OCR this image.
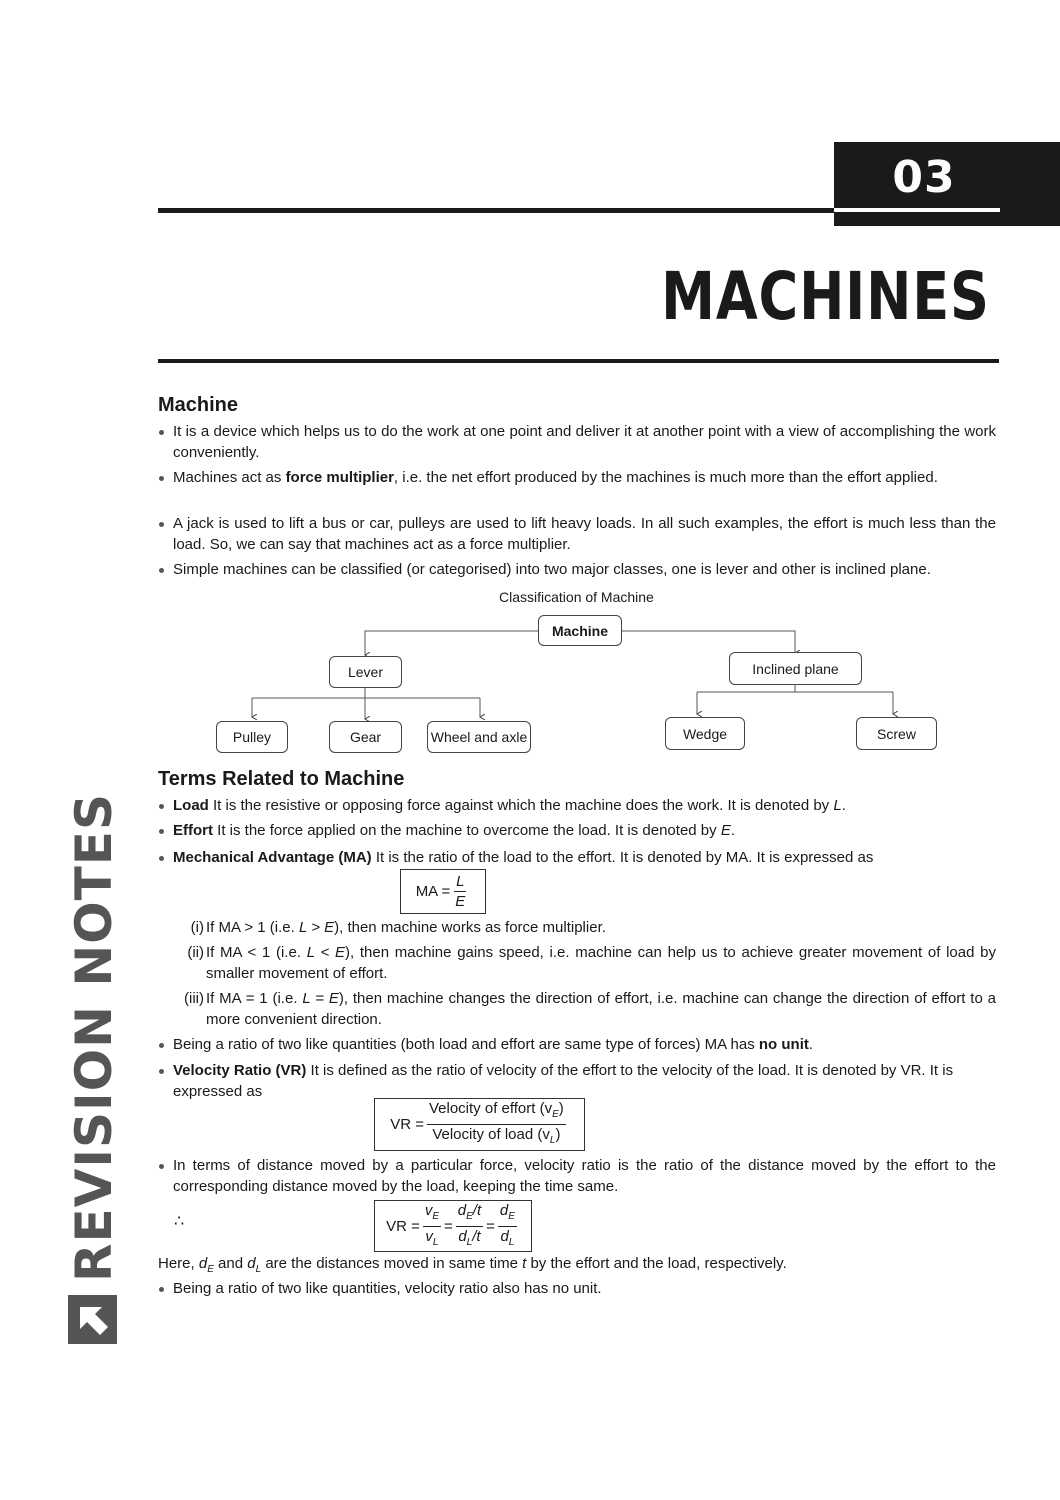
03
MACHINES
REVISION NOTES
Machine
It is a device which helps us to do the work at one point and deliver it at another point with a view of accomplishing the work conveniently.
Machines act as force multiplier, i.e. the net effort produced by the machines is much more than the effort applied.
A jack is used to lift a bus or car, pulleys are used to lift heavy loads. In all such examples, the effort is much less than the load. So, we can say that machines act as a force multiplier.
Simple machines can be classified (or categorised) into two major classes, one is lever and other is inclined plane.
Classification of Machine
Machine
Lever	Inclined plane
Pulley	Gear	Wheel and axle	Wedge	Screw
Terms Related to Machine
Load It is the resistive or opposing force against which the machine does the work. It is denoted by L.
Effort It is the force applied on the machine to overcome the load. It is denoted by E.
Mechanical Advantage (MA) It is the ratio of the load to the effort. It is denoted by MA. It is expressed as
MA = $\frac{L}{E}$
(i) If MA > 1 (i.e. L > E), then machine works as force multiplier.
(ii) If MA < 1 (i.e. L < E), then machine gains speed, i.e. machine can help us to achieve greater movement of load by smaller movement of effort.
(iii) If MA = 1 (i.e. L = E), then machine changes the direction of effort, i.e. machine can change the direction of effort to a more convenient direction.
Being a ratio of two like quantities (both load and effort are same type of forces) MA has no unit.
Velocity Ratio (VR) It is defined as the ratio of velocity of the effort to the velocity of the load. It is denoted by VR. It is expressed as
VR = $\frac{Velocity of effort (v_E)}{Velocity of load (v_L)}$
In terms of distance moved by a particular force, velocity ratio is the ratio of the distance moved by the effort to the corresponding distance moved by the load, keeping the time same.
∴	VR = $\frac{v_E}{v_L} = \frac{d_E/t}{d_L/t} = \frac{d_E}{d_L}$
Here, $d_E$ and $d_L$ are the distances moved in same time t by the effort and the load, respectively.
Being a ratio of two like quantities, velocity ratio also has no unit.
